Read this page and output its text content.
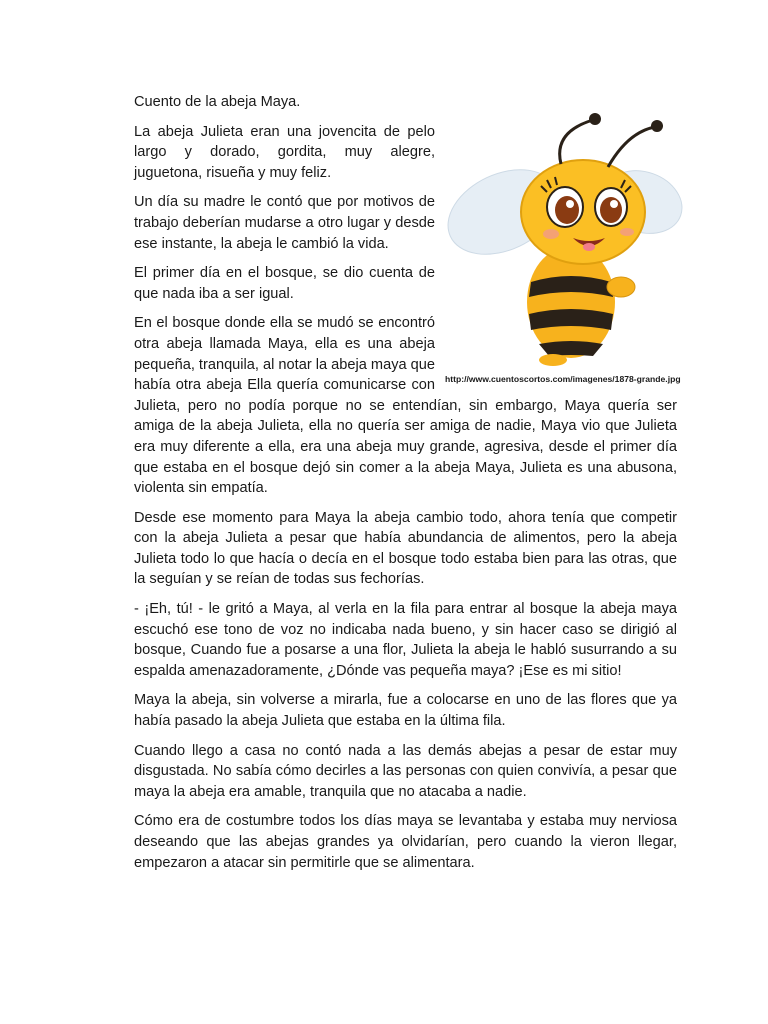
http://www.cuentoscortos.com/imagenes/1878-grande.jpg

Cuento de la abeja Maya.

La abeja Julieta eran una jovencita de pelo largo y dorado, gordita, muy alegre, juguetona, risueña y muy feliz.

Un día su madre le contó que por motivos de trabajo deberían mudarse a otro lugar y desde ese instante, la abeja le cambió la vida.

El primer día en el bosque, se dio cuenta de que nada iba a ser igual.

En el bosque donde ella se mudó se encontró otra abeja llamada Maya, ella es una abeja pequeña, tranquila, al notar la abeja maya que había otra abeja Ella quería comunicarse con Julieta, pero no podía porque no se entendían, sin embargo, Maya quería ser amiga de la abeja Julieta, ella no quería ser amiga de nadie, Maya vio que Julieta era muy diferente a ella, era una abeja muy grande, agresiva, desde el primer día que estaba en el bosque dejó sin comer a la abeja Maya, Julieta es una abusona, violenta sin empatía.

Desde ese momento para Maya la abeja cambio todo, ahora tenía que competir con la abeja Julieta a pesar que había abundancia de alimentos, pero la abeja Julieta todo lo que hacía o decía en el bosque todo estaba bien para las otras, que la seguían y se reían de todas sus fechorías.

- ¡Eh, tú! - le gritó a Maya, al verla en la fila para entrar al bosque la abeja maya escuchó ese tono de voz no indicaba nada bueno, y sin hacer caso se dirigió al bosque, Cuando fue a posarse a una flor, Julieta la abeja le habló susurrando a su espalda amenazadoramente, ¿Dónde vas pequeña maya? ¡Ese es mi sitio!

Maya la abeja, sin volverse a mirarla, fue a colocarse en uno de las flores que ya había pasado la abeja Julieta que estaba en la última fila.

Cuando llego a casa no contó nada a las demás abejas a pesar de estar muy disgustada. No sabía cómo decirles a las personas con quien convivía, a pesar que maya la abeja era amable, tranquila que no atacaba a nadie.

Cómo era de costumbre todos los días maya se levantaba y estaba muy nerviosa deseando que las abejas grandes ya olvidarían, pero cuando la vieron llegar, empezaron a atacar sin permitirle que se alimentara.
